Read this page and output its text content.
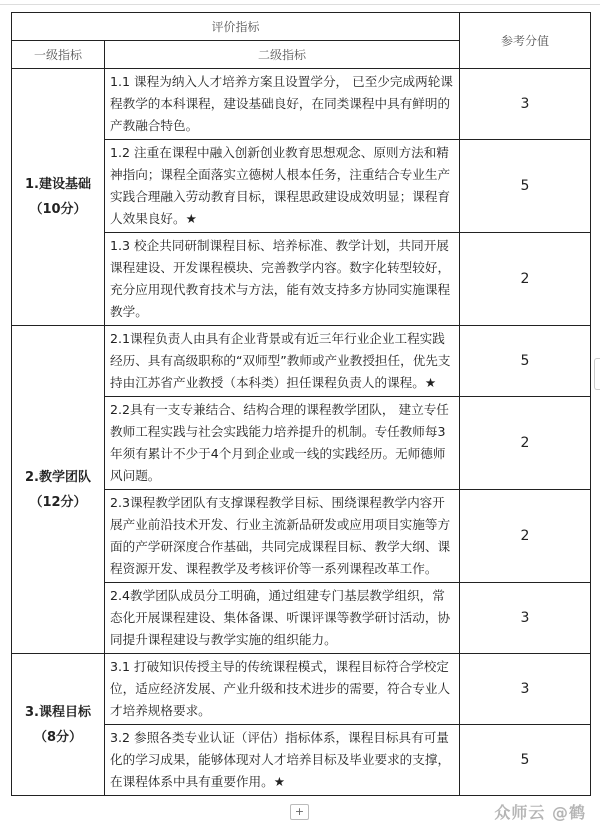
评价指标		参考分值
一级指标	二级指标	

1.建设基础
（10分）	1.1 课程为纳入人才培养方案且设置学分， 已至少完成两轮课程教学的本科课程，建设基础良好，在同类课程中具有鲜明的产教融合特色。	3
	1.2 注重在课程中融入创新创业教育思想观念、原则方法和精神指向；课程全面落实立德树人根本任务，注重结合专业生产实践合理融入劳动教育目标，课程思政建设成效明显；课程育人效果良好。★	5
	1.3 校企共同研制课程目标、培养标准、教学计划，共同开展课程建设、开发课程模块、完善教学内容。数字化转型较好，充分应用现代教育技术与方法，能有效支持多方协同实施课程教学。	2

2.教学团队
（12分）	2.1课程负责人由具有企业背景或有近三年行业企业工程实践经历、具有高级职称的“双师型”教师或产业教授担任，优先支持由江苏省产业教授（本科类）担任课程负责人的课程。★	5
	2.2具有一支专兼结合、结构合理的课程教学团队， 建立专任教师工程实践与社会实践能力培养提升的机制。专任教师每3年须有累计不少于4个月到企业或一线的实践经历。无师德师风问题。	2
	2.3课程教学团队有支撑课程教学目标、围绕课程教学内容开展产业前沿技术开发、行业主流新品研发或应用项目实施等方面的产学研深度合作基础，共同完成课程目标、教学大纲、课程资源开发、课程教学及考核评价等一系列课程改革工作。	2
	2.4教学团队成员分工明确，通过组建专门基层教学组织，常态化开展课程建设、集体备课、听课评课等教学研讨活动，协同提升课程建设与教学实施的组织能力。	3

3.课程目标
（8分）	3.1 打破知识传授主导的传统课程模式，课程目标符合学校定位，适应经济发展、产业升级和技术进步的需要，符合专业人才培养规格要求。	3
	3.2 参照各类专业认证（评估）指标体系，课程目标具有可量化的学习成果，能够体现对人才培养目标及毕业要求的支撑，在课程体系中具有重要作用。★	5
+	众师云 @鹤
